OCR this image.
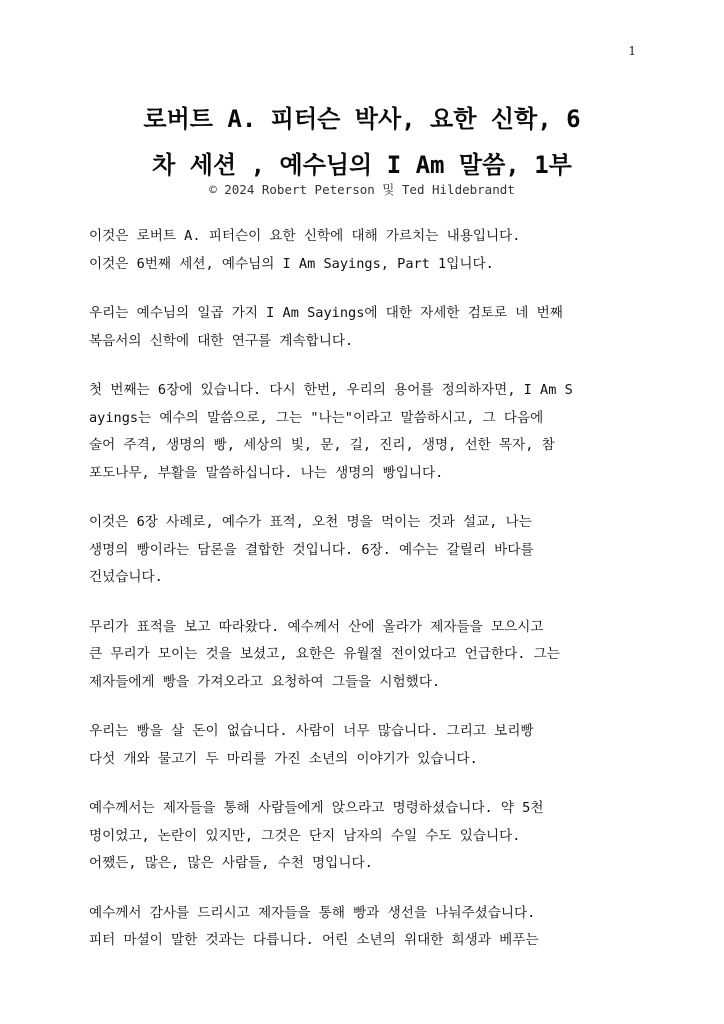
1
로버트 A. 피터슨 박사, 요한 신학, 6
차 세션 , 예수님의 I Am 말씀, 1부
© 2024 Robert Peterson 및 Ted Hildebrandt

이것은 로버트 A. 피터슨이 요한 신학에 대해 가르치는 내용입니다.
이것은 6번째 세션, 예수님의 I Am Sayings, Part 1입니다.

우리는 예수님의 일곱 가지 I Am Sayings에 대한 자세한 검토로 네 번째
복음서의 신학에 대한 연구를 계속합니다.

첫 번째는 6장에 있습니다. 다시 한번, 우리의 용어를 정의하자면, I Am S
ayings는 예수의 말씀으로, 그는 "나는"이라고 말씀하시고, 그 다음에
술어 주격, 생명의 빵, 세상의 빛, 문, 길, 진리, 생명, 선한 목자, 참
포도나무, 부활을 말씀하십니다. 나는 생명의 빵입니다.

이것은 6장 사례로, 예수가 표적, 오천 명을 먹이는 것과 설교, 나는
생명의 빵이라는 담론을 결합한 것입니다. 6장. 예수는 갈릴리 바다를
건넜습니다.

무리가 표적을 보고 따라왔다. 예수께서 산에 올라가 제자들을 모으시고
큰 무리가 모이는 것을 보셨고, 요한은 유월절 전이었다고 언급한다. 그는
제자들에게 빵을 가져오라고 요청하여 그들을 시험했다.

우리는 빵을 살 돈이 없습니다. 사람이 너무 많습니다. 그리고 보리빵
다섯 개와 물고기 두 마리를 가진 소년의 이야기가 있습니다.

예수께서는 제자들을 통해 사람들에게 앉으라고 명령하셨습니다. 약 5천
명이었고, 논란이 있지만, 그것은 단지 남자의 수일 수도 있습니다.
어쨌든, 많은, 많은 사람들, 수천 명입니다.

예수께서 감사를 드리시고 제자들을 통해 빵과 생선을 나눠주셨습니다.
피터 마셜이 말한 것과는 다릅니다. 어린 소년의 위대한 희생과 베푸는
